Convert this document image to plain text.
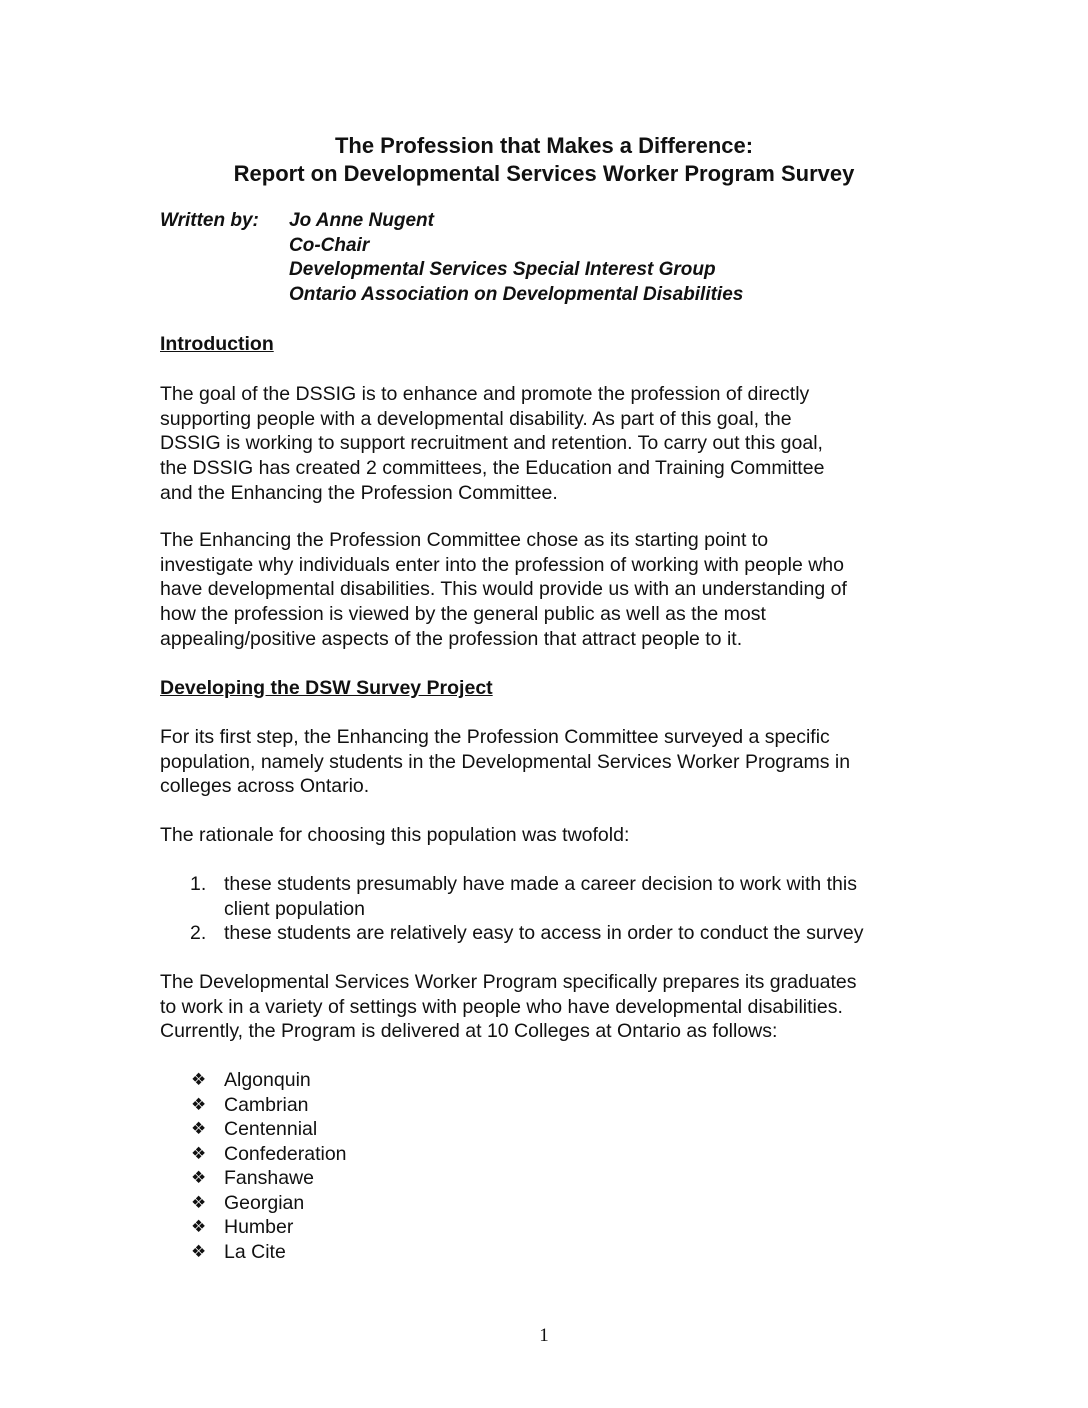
The Profession that Makes a Difference:
Report on Developmental Services Worker Program Survey
Written by: Jo Anne Nugent
Co-Chair
Developmental Services Special Interest Group
Ontario Association on Developmental Disabilities
Introduction
The goal of the DSSIG is to enhance and promote the profession of directly
supporting people with a developmental disability. As part of this goal, the
DSSIG is working to support recruitment and retention. To carry out this goal,
the DSSIG has created 2 committees, the Education and Training Committee
and the Enhancing the Profession Committee.
The Enhancing the Profession Committee chose as its starting point to
investigate why individuals enter into the profession of working with people who
have developmental disabilities. This would provide us with an understanding of
how the profession is viewed by the general public as well as the most
appealing/positive aspects of the profession that attract people to it.
Developing the DSW Survey Project
For its first step, the Enhancing the Profession Committee surveyed a specific
population, namely students in the Developmental Services Worker Programs in
colleges across Ontario.
The rationale for choosing this population was twofold:
1. these students presumably have made a career decision to work with this
client population
2. these students are relatively easy to access in order to conduct the survey
The Developmental Services Worker Program specifically prepares its graduates
to work in a variety of settings with people who have developmental disabilities.
Currently, the Program is delivered at 10 Colleges at Ontario as follows:
❖ Algonquin
❖ Cambrian
❖ Centennial
❖ Confederation
❖ Fanshawe
❖ Georgian
❖ Humber
❖ La Cite
1
